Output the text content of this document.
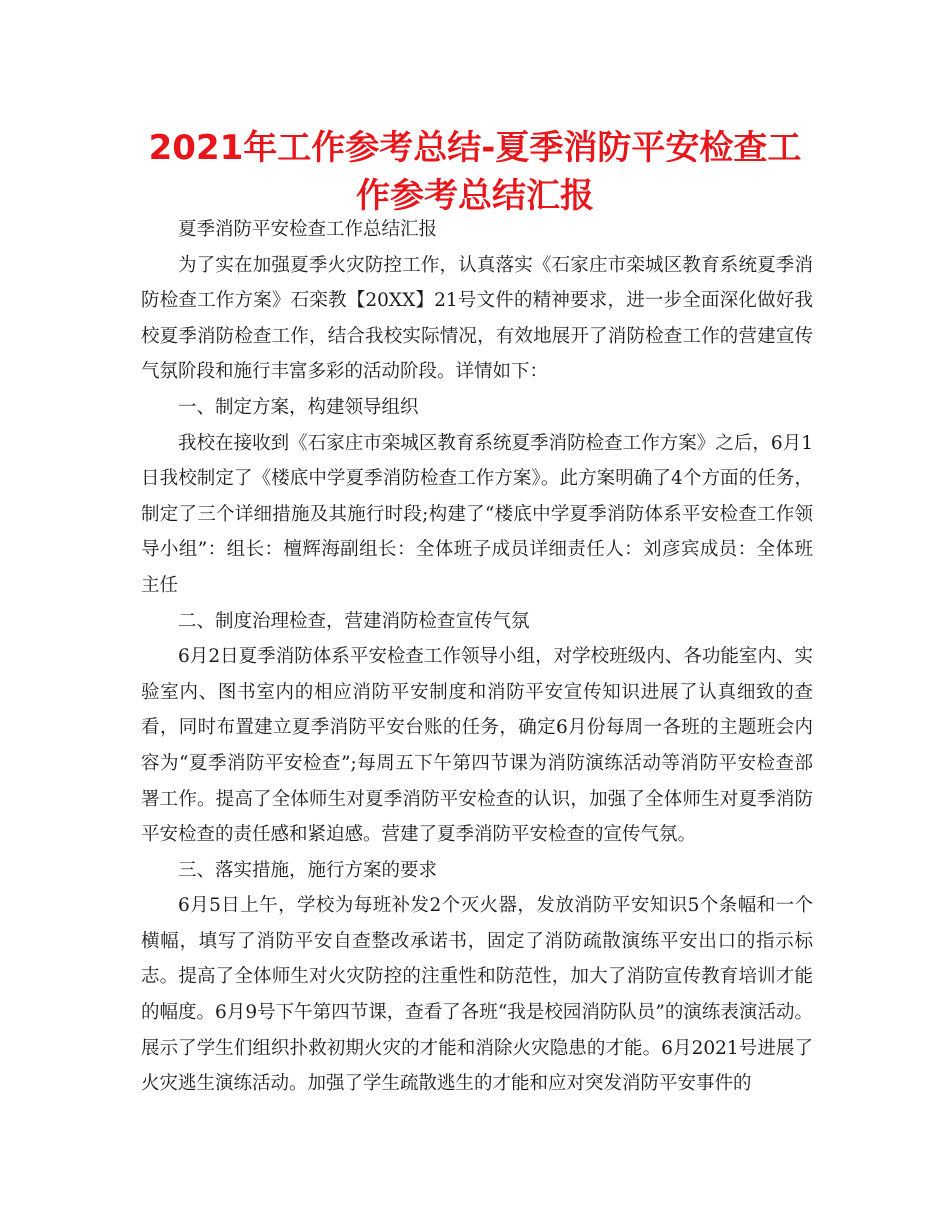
2021年工作参考总结-夏季消防平安检查工作参考总结汇报

夏季消防平安检查工作总结汇报

为了实在加强夏季火灾防控工作，认真落实《石家庄市栾城区教育系统夏季消防检查工作方案》石栾教【20XX】21号文件的精神要求，进一步全面深化做好我校夏季消防检查工作，结合我校实际情况，有效地展开了消防检查工作的营建宣传气氛阶段和施行丰富多彩的活动阶段。详情如下：

一、制定方案，构建领导组织

我校在接收到《石家庄市栾城区教育系统夏季消防检查工作方案》之后，6月1日我校制定了《楼底中学夏季消防检查工作方案》。此方案明确了4个方面的任务，制定了三个详细措施及其施行时段;构建了“楼底中学夏季消防体系平安检查工作领导小组”：组长：檀辉海副组长：全体班子成员详细责任人：刘彦宾成员：全体班主任

二、制度治理检查，营建消防检查宣传气氛

6月2日夏季消防体系平安检查工作领导小组，对学校班级内、各功能室内、实验室内、图书室内的相应消防平安制度和消防平安宣传知识进展了认真细致的查看，同时布置建立夏季消防平安台账的任务，确定6月份每周一各班的主题班会内容为“夏季消防平安检查”;每周五下午第四节课为消防演练活动等消防平安检查部署工作。提高了全体师生对夏季消防平安检查的认识，加强了全体师生对夏季消防平安检查的责任感和紧迫感。营建了夏季消防平安检查的宣传气氛。

三、落实措施，施行方案的要求

6月5日上午，学校为每班补发2个灭火器，发放消防平安知识5个条幅和一个横幅，填写了消防平安自查整改承诺书，固定了消防疏散演练平安出口的指示标志。提高了全体师生对火灾防控的注重性和防范性，加大了消防宣传教育培训才能的幅度。6月9号下午第四节课，查看了各班“我是校园消防队员”的演练表演活动。展示了学生们组织扑救初期火灾的才能和消除火灾隐患的才能。6月2021号进展了火灾逃生演练活动。加强了学生疏散逃生的才能和应对突发消防平安事件的
